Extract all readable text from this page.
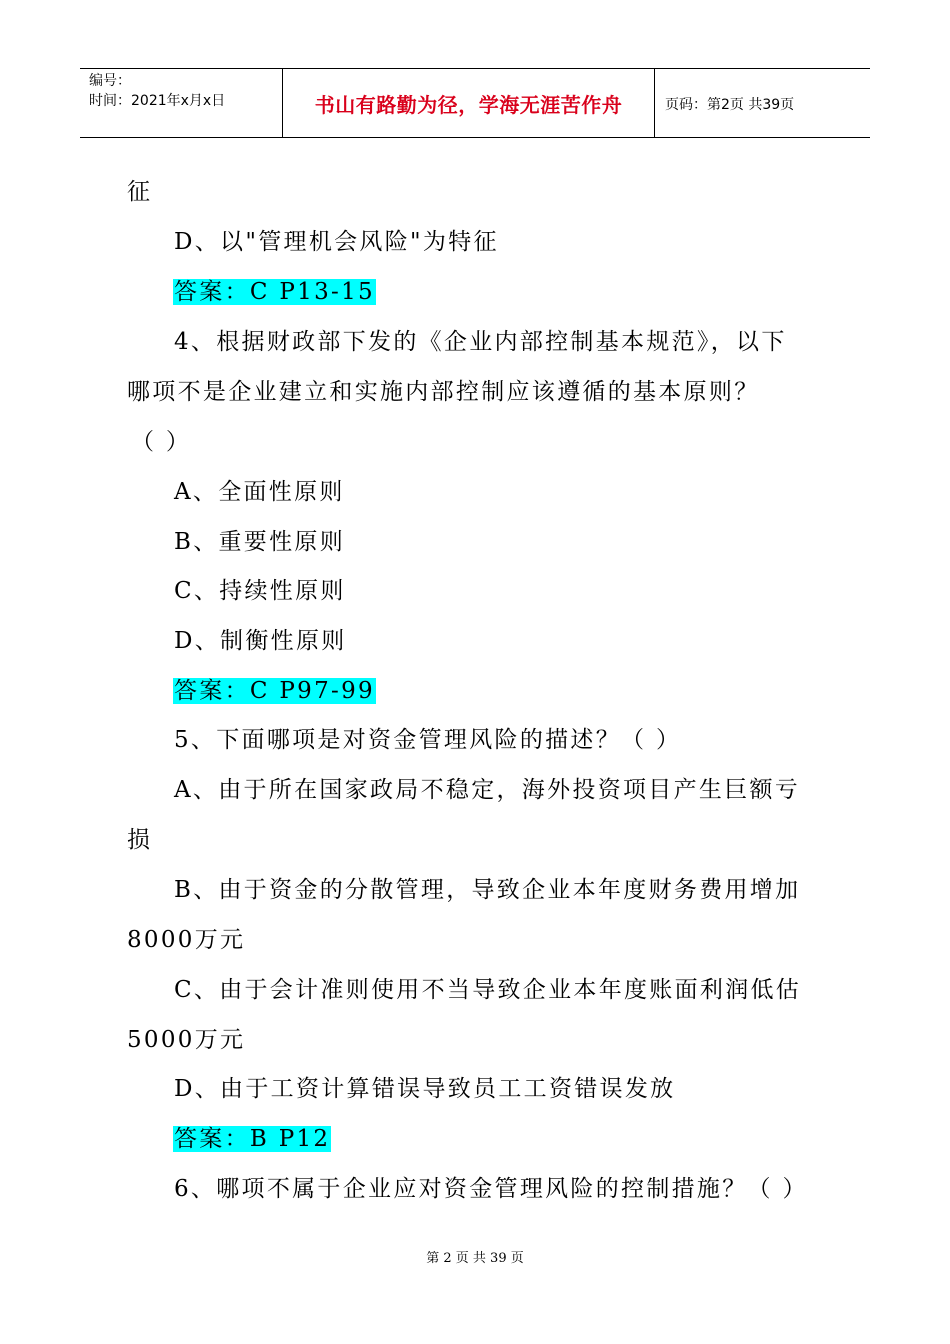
编号：
时间：2021年x月x日	书山有路勤为径，学海无涯苦作舟	页码：第2页 共39页
征
D、以"管理机会风险"为特征
答案：C P13-15
4、根据财政部下发的《企业内部控制基本规范》，以下
哪项不是企业建立和实施内部控制应该遵循的基本原则？
（ ）
A、全面性原则
B、重要性原则
C、持续性原则
D、制衡性原则
答案：C P97-99
5、下面哪项是对资金管理风险的描述？（ ）
A、由于所在国家政局不稳定，海外投资项目产生巨额亏
损
B、由于资金的分散管理，导致企业本年度财务费用增加
8000万元
C、由于会计准则使用不当导致企业本年度账面利润低估
5000万元
D、由于工资计算错误导致员工工资错误发放
答案：B P12
6、哪项不属于企业应对资金管理风险的控制措施？（ ）
第 2 页 共 39 页
